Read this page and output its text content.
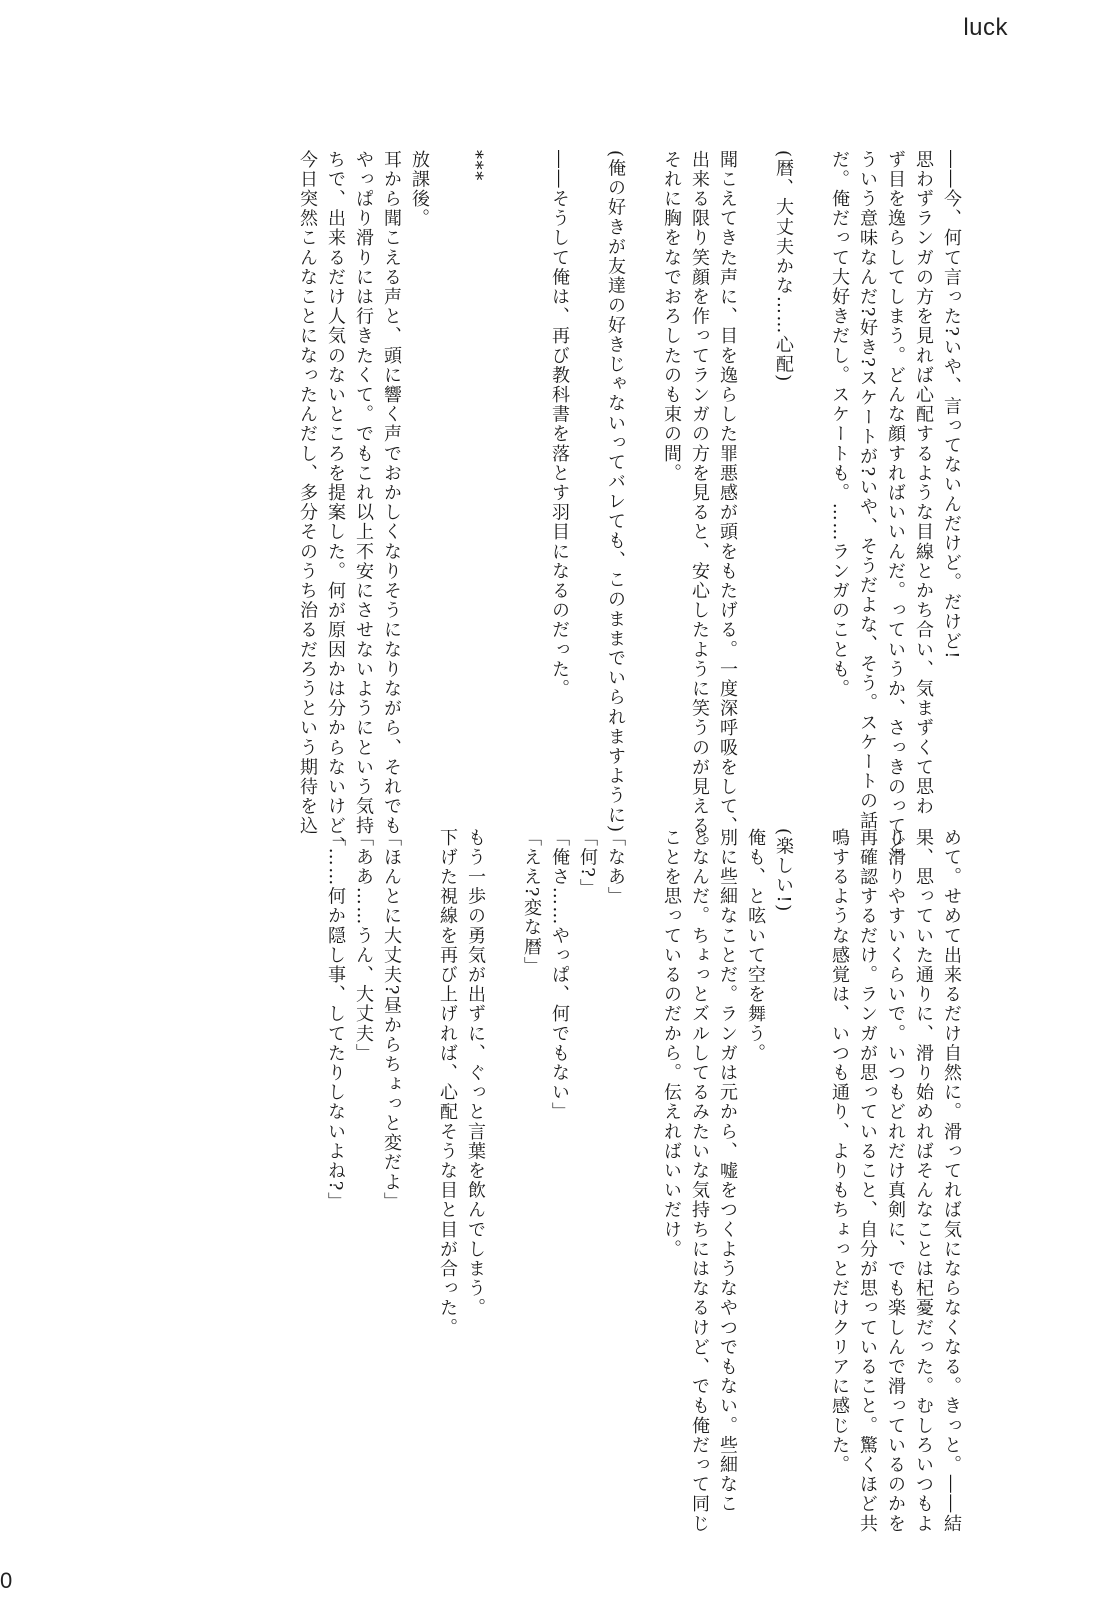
luck

――今、何て言った?いや、言ってないんだけど。だけど!

思わずランガの方を見れば心配するような目線とかち合い、気まずくて思わ

ず目を逸らしてしまう。どんな顔すればいいんだ。っていうか、さっきのってど

ういう意味なんだ?好き?スケートが?いや、そうだよな、そう。スケートの話

だ。俺だって大好きだし。スケートも。……ランガのことも。

(暦、大丈夫かな……心配)

聞こえてきた声に、目を逸らした罪悪感が頭をもたげる。一度深呼吸をして、

出来る限り笑顔を作ってランガの方を見ると、安心したように笑うのが見える。

それに胸をなでおろしたのも束の間。

(俺の好きが友達の好きじゃないってバレても、このままでいられますように)

――そうして俺は、再び教科書を落とす羽目になるのだった。

***

放課後。

耳から聞こえる声と、頭に響く声でおかしくなりそうになりながら、それでも

やっぱり滑りには行きたくて。でもこれ以上不安にさせないようにという気持

ちで、出来るだけ人気のないところを提案した。何が原因かは分からないけど、

今日突然こんなことになったんだし、多分そのうち治るだろうという期待を込

めて。せめて出来るだけ自然に。滑ってれば気にならなくなる。きっと。――結

果、思っていた通りに、滑り始めればそんなことは杞憂だった。むしろいつもよ

り滑りやすいくらいで。いつもどれだけ真剣に、でも楽しんで滑っているのかを

再確認するだけ。ランガが思っていること、自分が思っていること。驚くほど共

鳴するような感覚は、いつも通り、よりもちょっとだけクリアに感じた。

(楽しい!)

俺も、と呟いて空を舞う。

別に些細なことだ。ランガは元から、嘘をつくようなやつでもない。些細なこ

となんだ。ちょっとズルしてるみたいな気持ちにはなるけど、でも俺だって同じ

ことを思っているのだから。伝えればいいだけ。

「なあ」

「何?」

「俺さ……やっぱ、何でもない」

「ええ?変な暦」

もう一歩の勇気が出ずに、ぐっと言葉を飲んでしまう。

下げた視線を再び上げれば、心配そうな目と目が合った。

「ほんとに大丈夫?昼からちょっと変だよ」

「ああ……うん、大丈夫」

「……何か隠し事、してたりしないよね?」

0
